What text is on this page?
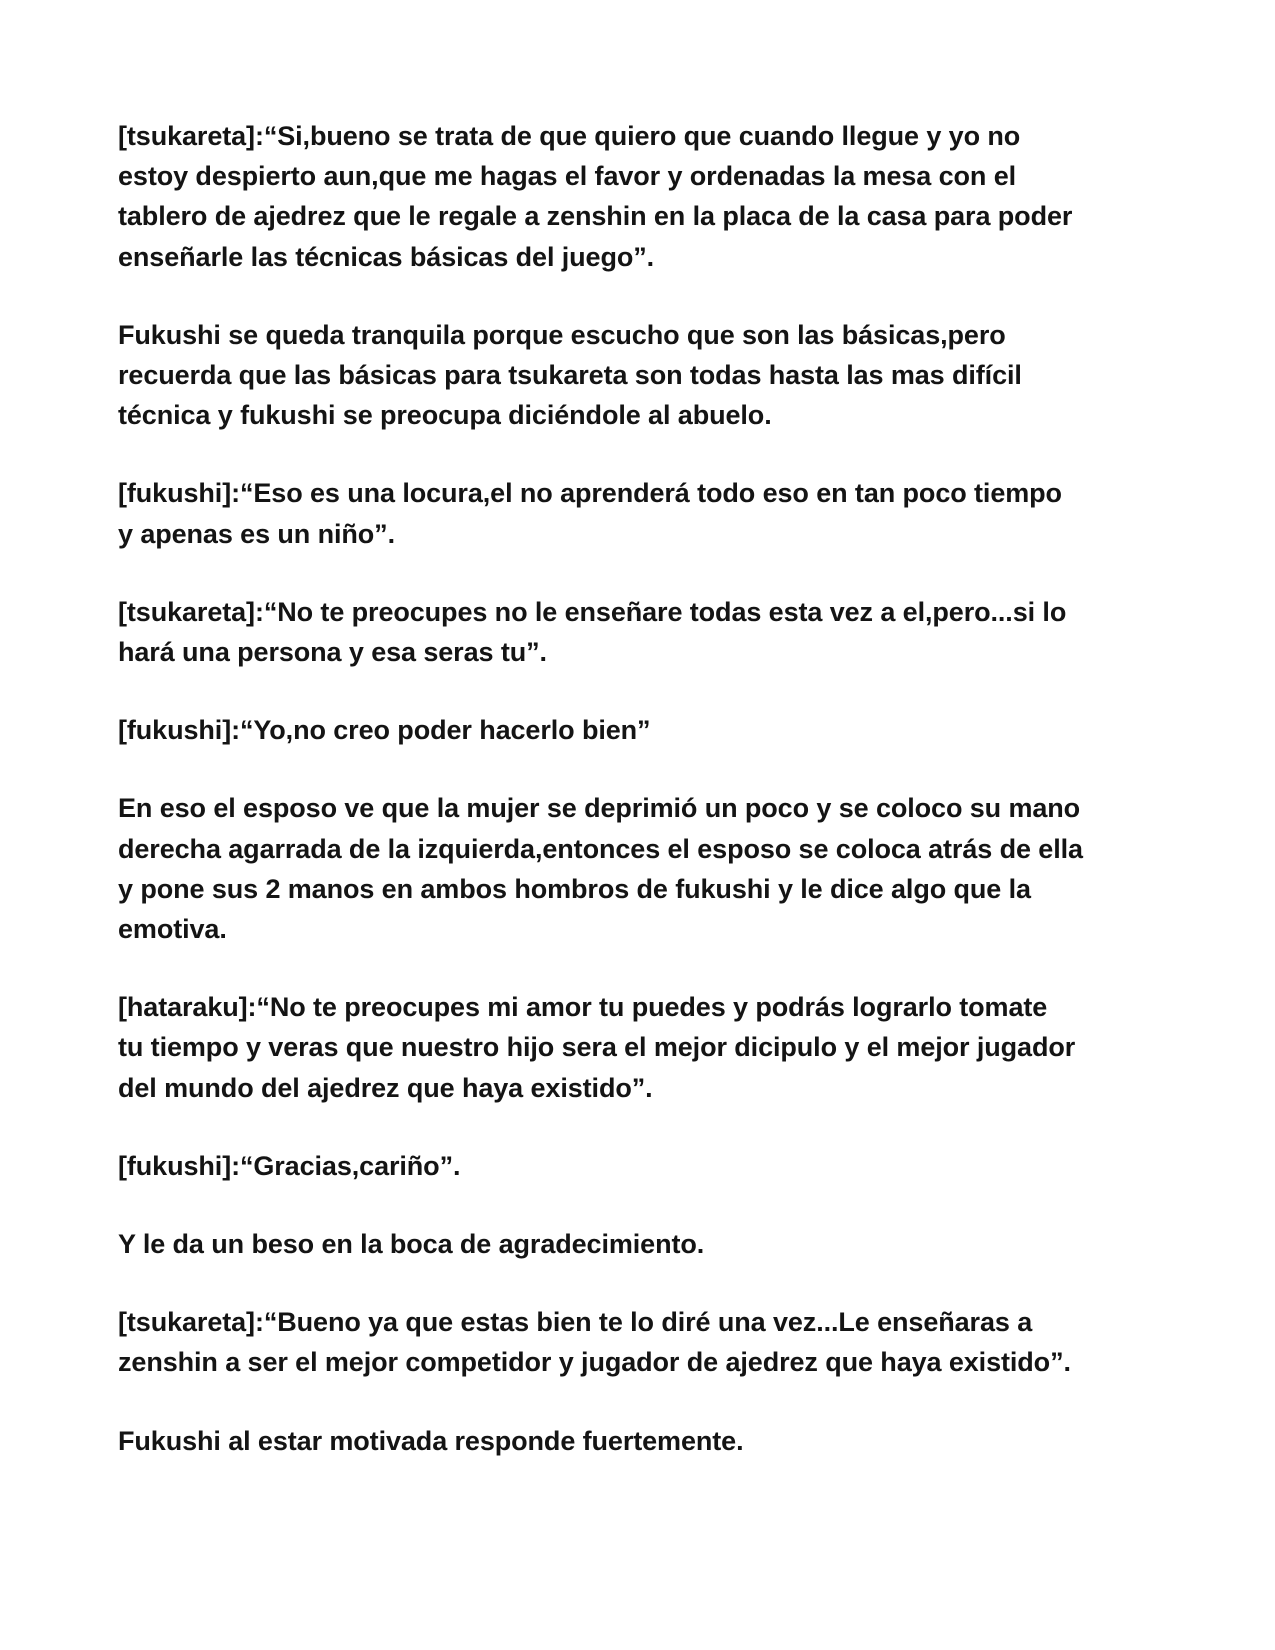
[tsukareta]:“Si,bueno se trata de que quiero que cuando llegue y yo no
estoy despierto aun,que me hagas el favor y ordenadas la mesa con el
tablero de ajedrez que le regale a zenshin en la placa de la casa para poder
enseñarle las técnicas básicas del juego”.

Fukushi se queda tranquila porque escucho que son las básicas,pero
recuerda que las básicas para tsukareta son todas hasta las mas difícil
técnica y fukushi se preocupa diciéndole al abuelo.

[fukushi]:“Eso es una locura,el no aprenderá todo eso en tan poco tiempo
y apenas es un niño”.

[tsukareta]:“No te preocupes no le enseñare todas esta vez a el,pero...si lo
hará una persona y esa seras tu”.

[fukushi]:“Yo,no creo poder hacerlo bien”

En eso el esposo ve que la mujer se deprimió un poco y se coloco su mano
derecha agarrada de la izquierda,entonces el esposo se coloca atrás de ella
y pone sus 2 manos en ambos hombros de fukushi y le dice algo que la
emotiva.

[hataraku]:“No te preocupes mi amor tu puedes y podrás lograrlo tomate
tu tiempo y veras que nuestro hijo sera el mejor dicipulo y el mejor jugador
del mundo del ajedrez que haya existido”.

[fukushi]:“Gracias,cariño”.

Y le da un beso en la boca de agradecimiento.

[tsukareta]:“Bueno ya que estas bien te lo diré una vez...Le enseñaras a
zenshin a ser el mejor competidor y jugador de ajedrez que haya existido”.

Fukushi al estar motivada responde fuertemente.
